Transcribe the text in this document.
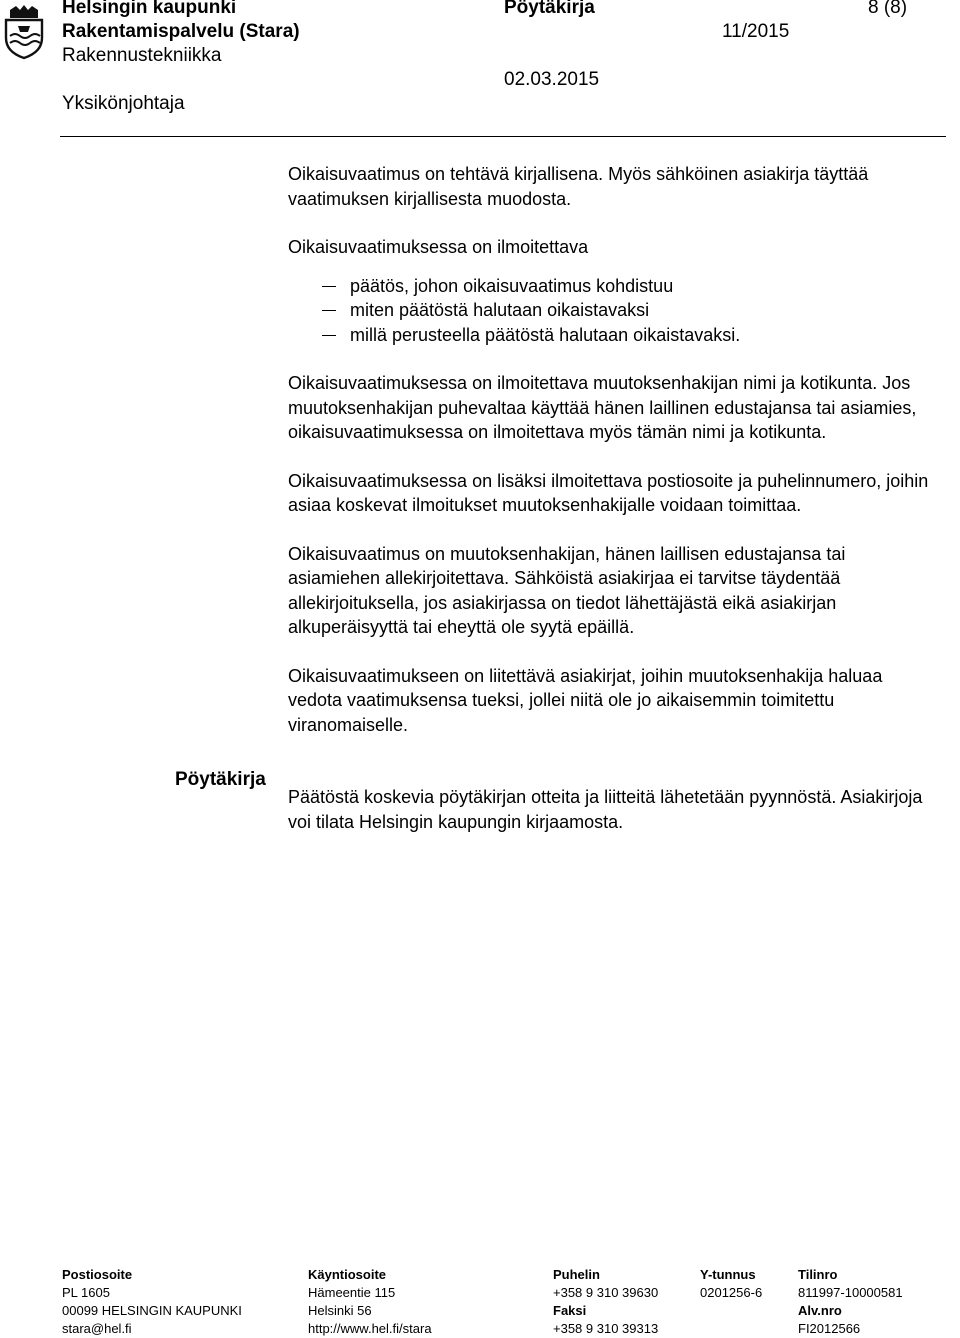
Helsingin kaupunki
Rakentamispalvelu (Stara)
Rakennustekniikka
Yksikönjohtaja
Pöytäkirja
11/2015
02.03.2015
8 (8)
Pöytäkirja

Oikaisuvaatimus on tehtävä kirjallisena. Myös sähköinen asiakirja täyttää vaatimuksen kirjallisesta muodosta.

Oikaisuvaatimuksessa on ilmoitettava

päätös, johon oikaisuvaatimus kohdistuu
miten päätöstä halutaan oikaistavaksi
millä perusteella päätöstä halutaan oikaistavaksi.

Oikaisuvaatimuksessa on ilmoitettava muutoksenhakijan nimi ja kotikunta. Jos muutoksenhakijan puhevaltaa käyttää hänen laillinen edustajansa tai asiamies, oikaisuvaatimuksessa on ilmoitettava myös tämän nimi ja kotikunta.

Oikaisuvaatimuksessa on lisäksi ilmoitettava postiosoite ja puhelinnumero, joihin asiaa koskevat ilmoitukset muutoksenhakijalle voidaan toimittaa.

Oikaisuvaatimus on muutoksenhakijan, hänen laillisen edustajansa tai asiamiehen allekirjoitettava. Sähköistä asiakirjaa ei tarvitse täydentää allekirjoituksella, jos asiakirjassa on tiedot lähettäjästä eikä asiakirjan alkuperäisyyttä tai eheyttä ole syytä epäillä.

Oikaisuvaatimukseen on liitettävä asiakirjat, joihin muutoksenhakija haluaa vedota vaatimuksensa tueksi, jollei niitä ole jo aikaisemmin toimitettu viranomaiselle.

Päätöstä koskevia pöytäkirjan otteita ja liitteitä lähetetään pyynnöstä. Asiakirjoja voi tilata Helsingin kaupungin kirjaamosta.

Postiosoite
PL 1605
00099 HELSINGIN KAUPUNKI
stara@hel.fi
Käyntiosoite
Hämeentie 115
Helsinki 56
http://www.hel.fi/stara
Puhelin
+358 9 310 39630
Faksi
+358 9 310 39313
Y-tunnus
0201256-6
Tilinro
811997-10000581
Alv.nro
FI2012566
